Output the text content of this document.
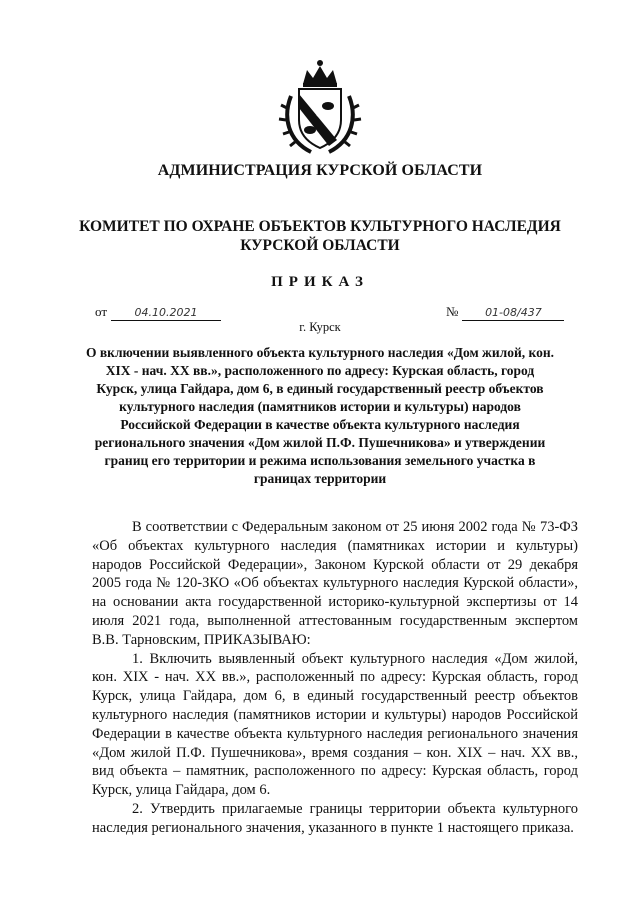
АДМИНИСТРАЦИЯ КУРСКОЙ ОБЛАСТИ
КОМИТЕТ ПО ОХРАНЕ ОБЪЕКТОВ КУЛЬТУРНОГО НАСЛЕДИЯ КУРСКОЙ ОБЛАСТИ
ПРИКАЗ
от	04.10.2021	№ 01-08/437
г. Курск
О включении выявленного объекта культурного наследия «Дом жилой, кон. XIX - нач. XX вв.», расположенного по адресу: Курская область, город Курск, улица Гайдара, дом 6, в единый государственный реестр объектов культурного наследия (памятников истории и культуры) народов Российской Федерации в качестве объекта культурного наследия регионального значения «Дом жилой П.Ф. Пушечникова» и утверждении границ его территории и режима использования земельного участка в границах территории

В соответствии с Федеральным законом от 25 июня 2002 года № 73-ФЗ «Об объектах культурного наследия (памятниках истории и культуры) народов Российской Федерации», Законом Курской области от 29 декабря 2005 года № 120-ЗКО «Об объектах культурного наследия Курской области», на основании акта государственной историко-культурной экспертизы от 14 июля 2021 года, выполненной аттестованным государственным экспертом В.В. Тарновским, ПРИКАЗЫВАЮ:

1. Включить выявленный объект культурного наследия «Дом жилой, кон. XIX - нач. XX вв.», расположенный по адресу: Курская область, город Курск, улица Гайдара, дом 6, в единый государственный реестр объектов культурного наследия (памятников истории и культуры) народов Российской Федерации в качестве объекта культурного наследия регионального значения «Дом жилой П.Ф. Пушечникова», время создания – кон. XIX – нач. XX вв., вид объекта – памятник, расположенного по адресу: Курская область, город Курск, улица Гайдара, дом 6.

2. Утвердить прилагаемые границы территории объекта культурного наследия регионального значения, указанного в пункте 1 настоящего приказа.
